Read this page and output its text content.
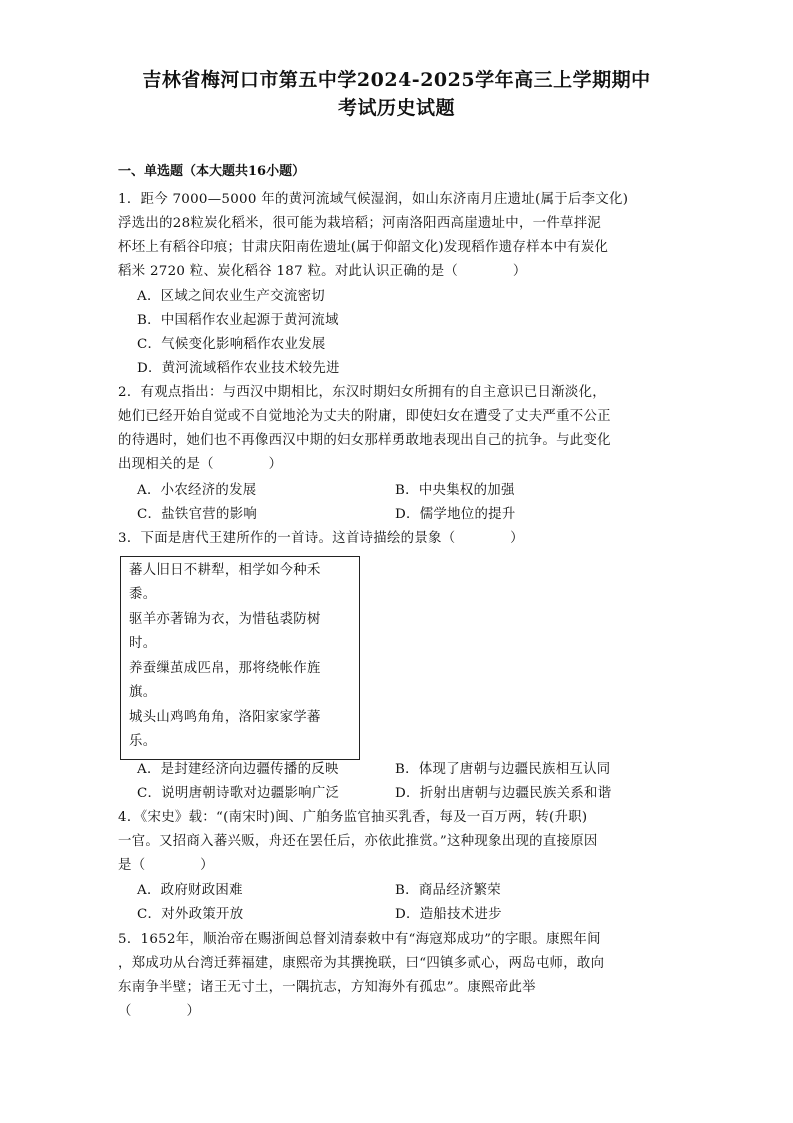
吉林省梅河口市第五中学2024-2025学年高三上学期期中
考试历史试题
一、单选题（本大题共16小题）
1．距今 7000—5000 年的黄河流域气候湿润，如山东济南月庄遗址(属于后李文化)
浮选出的28粒炭化稻米，很可能为栽培稻；河南洛阳西高崖遗址中，一件草拌泥
杯坯上有稻谷印痕；甘肃庆阳南佐遗址(属于仰韶文化)发现稻作遗存样本中有炭化
稻米 2720 粒、炭化稻谷 187 粒。对此认识正确的是（　　　　）
A．区域之间农业生产交流密切
B．中国稻作农业起源于黄河流域
C．气候变化影响稻作农业发展
D．黄河流域稻作农业技术较先进
2．有观点指出：与西汉中期相比，东汉时期妇女所拥有的自主意识已日渐淡化，
她们已经开始自觉或不自觉地沦为丈夫的附庸，即使妇女在遭受了丈夫严重不公正
的待遇时，她们也不再像西汉中期的妇女那样勇敢地表现出自己的抗争。与此变化
出现相关的是（　　　　）
A．小农经济的发展	B．中央集权的加强
C．盐铁官营的影响	D．儒学地位的提升
3．下面是唐代王建所作的一首诗。这首诗描绘的景象（　　　　）
蕃人旧日不耕犁，相学如今种禾
黍。
驱羊亦著锦为衣，为惜毡裘防树
时。
养蚕缫茧成匹帛，那将绕帐作旌
旗。
城头山鸡鸣角角，洛阳家家学蕃
乐。
A．是封建经济向边疆传播的反映	B．体现了唐朝与边疆民族相互认同
C．说明唐朝诗歌对边疆影响广泛	D．折射出唐朝与边疆民族关系和谐
4．《宋史》载：“(南宋时)闽、广舶务监官抽买乳香，每及一百万两，转(升职)
一官。又招商入蕃兴贩，舟还在罢任后，亦依此推赏。”这种现象出现的直接原因
是（　　　　）
A．政府财政困难	B．商品经济繁荣
C．对外政策开放	D．造船技术进步
5．1652年，顺治帝在赐浙闽总督刘清泰敕中有“海寇郑成功”的字眼。康熙年间
，郑成功从台湾迁葬福建，康熙帝为其撰挽联，曰“四镇多贰心，两岛屯师，敢向
东南争半壁；诸王无寸土，一隅抗志，方知海外有孤忠”。康熙帝此举
（　　　　）
